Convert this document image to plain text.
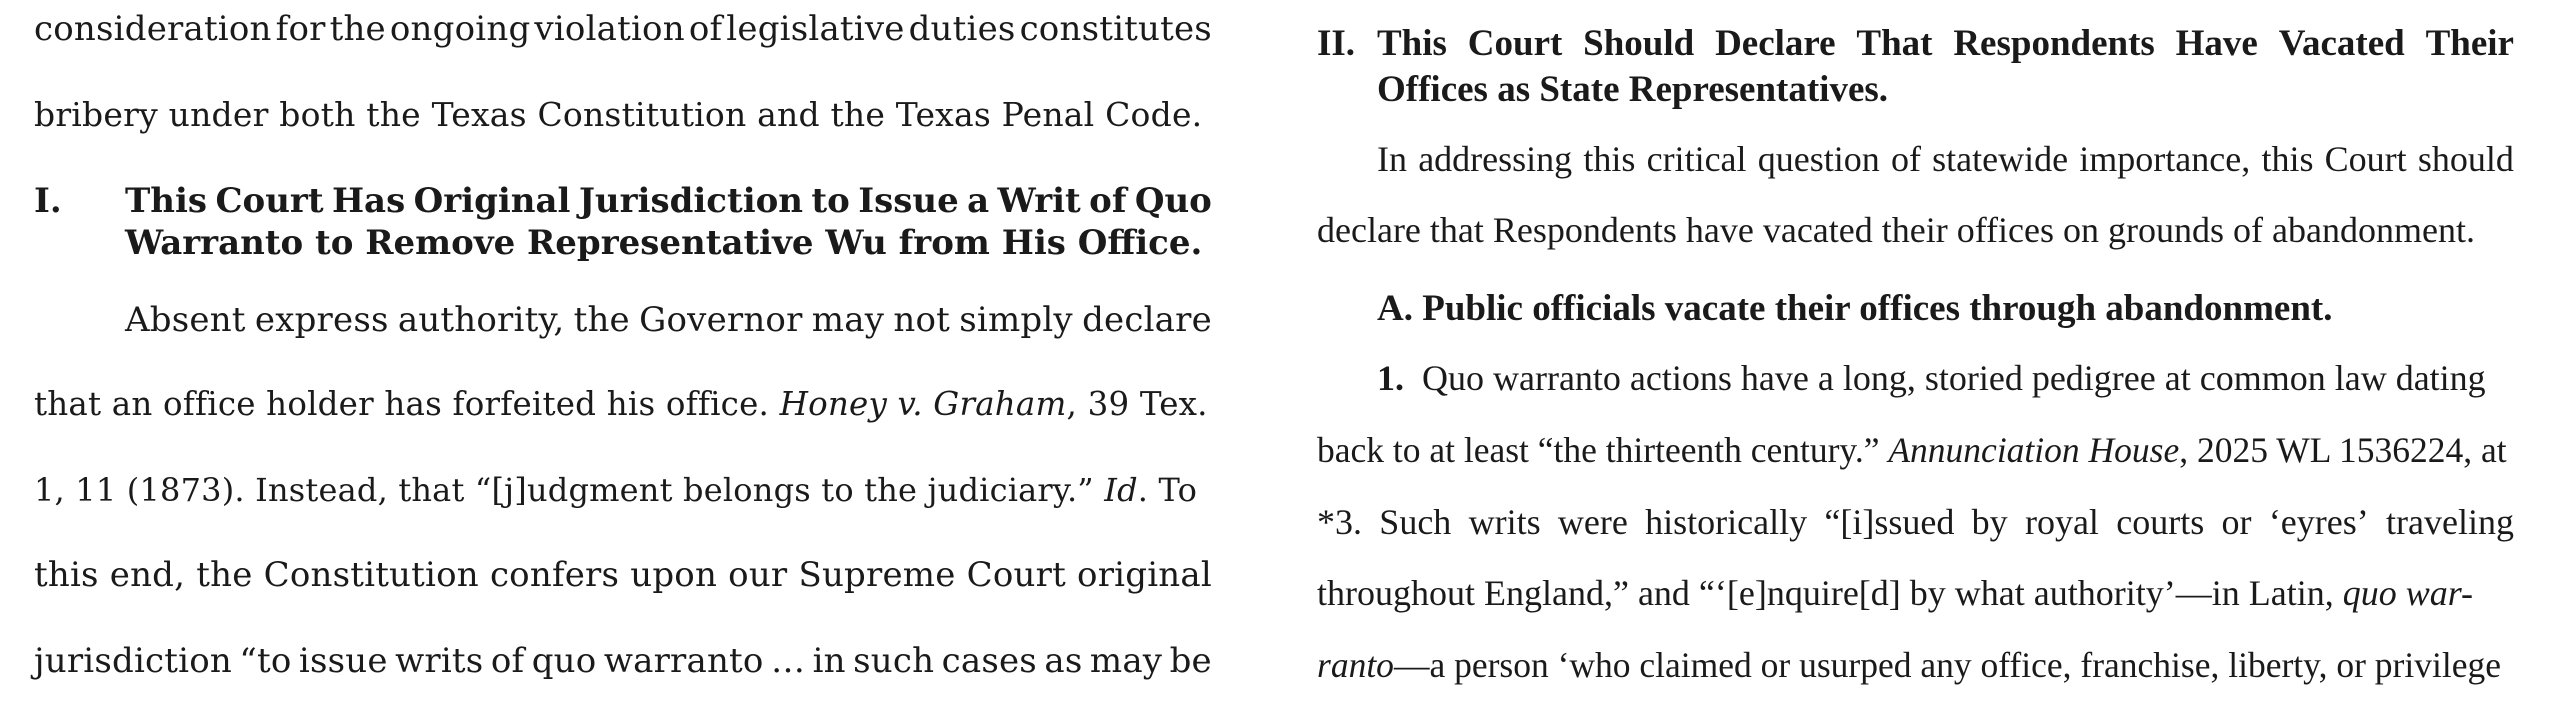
consideration for the ongoing violation of legislative duties constitutes
bribery under both the Texas Constitution and the Texas Penal Code.
I. This Court Has Original Jurisdiction to Issue a Writ of Quo
Warranto to Remove Representative Wu from His Office.
Absent express authority, the Governor may not simply declare
that an office holder has forfeited his office. Honey v. Graham, 39 Tex.
1, 11 (1873). Instead, that “[j]udgment belongs to the judiciary.” Id. To
this end, the Constitution confers upon our Supreme Court original
jurisdiction “to issue writs of quo warranto … in such cases as may be
II. This Court Should Declare That Respondents Have Vacated Their
Offices as State Representatives.
In addressing this critical question of statewide importance, this Court should
declare that Respondents have vacated their offices on grounds of abandonment.
A. Public officials vacate their offices through abandonment.
1. Quo warranto actions have a long, storied pedigree at common law dating
back to at least “the thirteenth century.” Annunciation House, 2025 WL 1536224, at
*3. Such writs were historically “[i]ssued by royal courts or ‘eyres’ traveling
throughout England,” and “‘[e]nquire[d] by what authority’—in Latin, quo war-
ranto—a person ‘who claimed or usurped any office, franchise, liberty, or privilege
